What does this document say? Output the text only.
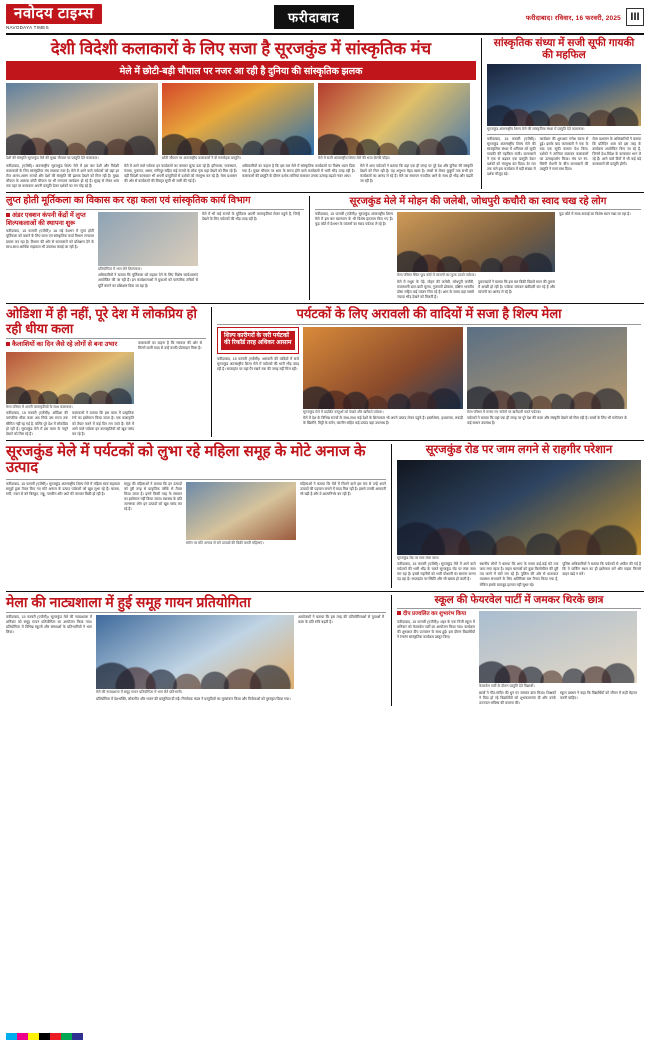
नवोदय टाइम्स
NAVODAYA TIMES
फरीदाबाद	फरीदाबाद। रविवार, 16 फरवरी, 2025 III
देशी विदेशी कलाकारों के लिए सजा है सूरजकुंड में सांस्कृतिक मंच
मेले में छोटी-बड़ी चौपाल पर नजर आ रही है दुनिया की सांस्कृतिक झलक
देशी की संस्कृति सूरजकुंड मेले की मुख्य चौपाल पर प्रस्तुति देते कलाकार।	छोटी चौपाल पर अंतरराष्ट्रीय कलाकारों ने दी मनमोहक प्रस्तुति।	मेले में सजी अंतरराष्ट्रीय शिल्प मेले की भव्य सेल्फी पॉइंट।
फरीदाबाद, (एजेंसी)। अंतरराष्ट्रीय सूरजकुंड शिल्प मेले में इस बार देशी और विदेशी कलाकारों के लिए सांस्कृतिक मंच सजाया गया है। मेले में आने वाले पर्यटकों को यहां हर रोज अलग-अलग राज्यों और देशों की संस्कृति की झलक देखने को मिल रही है। मुख्य चौपाल के अलावा छोटी चौपाल पर भी लगातार कार्यक्रम हो रहे हैं। सुबह से लेकर शाम तक यहां पर कलाकार अपनी प्रस्तुति देकर दर्शकों का मन मोह रहे हैं।
मेले में आने वाले पर्यटक इन कार्यक्रमों का जमकर लुत्फ उठा रहे हैं। हरियाणा, राजस्थान, पंजाब, गुजरात, असम, मणिपुर सहित कई राज्यों के लोक नृत्य यहां देखने को मिल रहे हैं। वहीं विदेशी कलाकार भी अपनी प्रस्तुतियों से दर्शकों को मंत्रमुग्ध कर रहे हैं। मेला प्रशासन की ओर से कार्यक्रमों की विस्तृत सूची भी जारी की गई है।
अधिकारियों का कहना है कि इस बार मेले में सांस्कृतिक कार्यक्रमों पर विशेष ध्यान दिया गया है। मुख्य चौपाल पर शाम के समय होने वाले कार्यक्रमों में भारी भीड़ उमड़ रही है। कलाकारों की प्रस्तुति के दौरान दर्शक तालियां बजाकर उनका उत्साह बढ़ाते नजर आए।
मेले में आए पर्यटकों ने बताया कि यहां एक ही जगह पर पूरे देश और दुनिया की संस्कृति देखने को मिल रही है। यह अनुभव बेहद खास है। बच्चों से लेकर बुजुर्गों तक सभी इन कार्यक्रमों का आनंद ले रहे हैं। मेले का समापन नजदीक आने के साथ ही भीड़ और बढ़ती जा रही है।
सांस्कृतिक संध्या में सजी सूफी गायकी की महफिल
सूरजकुंड अंतरराष्ट्रीय शिल्प मेले की सांस्कृतिक संध्या में प्रस्तुति देते कलाकार।
फरीदाबाद, 15 फरवरी (एजेंसी)। सूरजकुंड अंतरराष्ट्रीय शिल्प मेले की सांस्कृतिक संध्या में शनिवार को सूफी गायकी की महफिल सजी। कलाकारों ने एक से बढ़कर एक प्रस्तुति देकर दर्शकों को मंत्रमुग्ध कर दिया। देर रात तक चले इस कार्यक्रम में बड़ी संख्या में दर्शक मौजूद रहे।
कार्यक्रम की शुरुआत गणेश वंदना से हुई। इसके बाद कलाकारों ने एक के बाद एक सूफी कलाम पेश किए। दर्शकों ने तालियां बजाकर कलाकारों का उत्साहवर्धन किया। मंच पर रंग-बिरंगी रोशनी के बीच कलाकारों की प्रस्तुति ने समां बांध दिया।
मेला प्रशासन के अधिकारियों ने बताया कि प्रतिदिन शाम को इस तरह के कार्यक्रम आयोजित किए जा रहे हैं, जिनमें देश-विदेश के कलाकार भाग ले रहे हैं। आने वाले दिनों में भी कई बड़े कलाकारों की प्रस्तुति होगी।
लुप्त होती मूर्तिकला का विकास कर रहा कला एवं सांस्कृतिक कार्य विभाग
अंडर एक्शन कंपनी केंद्रों में लुप्त शिल्पकलाओं की स्थापना शुरू
फरीदाबाद, 15 फरवरी (एजेंसी)। 16 मई देशभर में लुप्त होती मूर्तिकला को बचाने के लिए कला एवं सांस्कृतिक कार्य विभाग लगातार प्रयास कर रहा है। विभाग की ओर से कलाकारों को प्रशिक्षण देने के साथ-साथ आर्थिक सहायता भी उपलब्ध कराई जा रही है।
प्रतियोगिता में भाग लेते शिल्पकार।
अधिकारियों ने बताया कि मूर्तिकला को बढ़ावा देने के लिए विशेष कार्यशालाएं आयोजित की जा रही हैं। इन कार्यशालाओं में युवाओं को पारंपरिक तरीकों से मूर्ति बनाने का प्रशिक्षण दिया जा रहा है।
मेले में भी कई राज्यों के मूर्तिकार अपनी कलाकृतियां लेकर पहुंचे हैं, जिन्हें देखने के लिए पर्यटकों की भीड़ उमड़ रही है।
सूरजकुंड मेले में मोहन की जलेबी, जोधपुरी कचौरी का स्वाद चख रहे लोग
फरीदाबाद, 15 फरवरी (एजेंसी)। सूरजकुंड अंतरराष्ट्रीय शिल्प मेले में इस बार खानपान के भी विशेष इंतजाम किए गए हैं। फूड कोर्ट में देशभर के व्यंजनों का स्वाद पर्यटक ले रहे हैं।
मेला परिसर स्थित फूड कोर्ट में व्यंजनों का लुत्फ उठाते पर्यटक।
मेले में मथुरा के पेड़े, मोहन की जलेबी, जोधपुरी कचौरी, राजस्थानी दाल-बाटी चूरमा, गुजराती ढोकला, दक्षिण भारतीय डोसा सहित कई व्यंजन मिल रहे हैं। शाम के समय यहां सबसे ज्यादा भीड़ देखने को मिलती है।
दुकानदारों ने बताया कि इस बार बिक्री पिछले साल की तुलना में अच्छी हो रही है। पर्यटक जमकर खरीदारी कर रहे हैं और व्यंजनों का आनंद ले रहे हैं।
फूड कोर्ट में साफ-सफाई का विशेष ध्यान रखा जा रहा है।
ओडिशा में ही नहीं, पूरे देश में लोकप्रिय हो रही धीया कला
कैलाशियों का दिन जैसे रहे लोगों से बना उभार
मेला परिसर में अपनी कलाकृतियों के साथ कलाकार।
फरीदाबाद, 15 फरवरी (एजेंसी)। ओडिशा की पारंपरिक धीया कला अब सिर्फ उस राज्य तक सीमित नहीं रह गई है, बल्कि पूरे देश में लोकप्रिय हो रही है। सूरजकुंड मेले में इस कला के नमूने देखने को मिल रहे हैं।
कलाकारों ने बताया कि इस कला में प्राकृतिक रंगों का इस्तेमाल किया जाता है। एक कलाकृति को तैयार करने में कई दिन लग जाते हैं। मेले में आने वाले पर्यटक इन कलाकृतियों को खूब पसंद कर रहे हैं।
कलाकारों का कहना है कि सरकार की ओर से मिलने वाली मदद से उन्हें काफी प्रोत्साहन मिला है।
पर्यटकों के लिए अरावली की वादियों में सजा है शिल्प मेला
शिल्प कारीगरों के जरी पर्यटकों की रिकॉर्ड तरह अधिकर आसाम
फरीदाबाद, 15 फरवरी (एजेंसी)। अरावली की वादियों में सजे सूरजकुंड अंतरराष्ट्रीय शिल्प मेले में पर्यटकों की भारी भीड़ उमड़ रही है। सप्ताहांत पर यहां पैर रखने तक की जगह नहीं मिल रही।
सूरजकुंड मेले में प्रदर्शित वस्तुओं को देखते और खरीदते पर्यटक।
मेले में देश के विभिन्न राज्यों के साथ-साथ कई देशों के शिल्पकार भी अपने उत्पाद लेकर पहुंचे हैं। हस्तशिल्प, हथकरघा, लकड़ी के खिलौने, मिट्टी के बर्तन, कालीन सहित कई उत्पाद यहां उपलब्ध हैं।
मेला परिसर में लगाए गए स्टॉलों पर खरीदारी करते पर्यटक।
पर्यटकों ने बताया कि यहां एक ही जगह पर पूरे देश की कला और संस्कृति देखने को मिल रही है। बच्चों के लिए भी मनोरंजन के कई साधन उपलब्ध हैं।
सूरजकुंड मेले में पर्यटकों को लुभा रहे महिला समूह के मोटे अनाज के उत्पाद
फरीदाबाद, 15 फरवरी (एजेंसी)। सूरजकुंड अंतरराष्ट्रीय शिल्प मेले में महिला स्वयं सहायता समूहों द्वारा तैयार किए गए मोटे अनाज के उत्पाद पर्यटकों को खूब लुभा रहे हैं। बाजरा, रागी, ज्वार से बने बिस्कुट, लड्डू, नमकीन और आटे की जमकर बिक्री हो रही है।
समूह की महिलाओं ने बताया कि इन उत्पादों को पूरी तरह से प्राकृतिक तरीके से तैयार किया जाता है। इनमें किसी तरह के रसायन का इस्तेमाल नहीं किया जाता। स्वास्थ्य के प्रति जागरूक लोग इन उत्पादों को खूब पसंद कर रहे हैं।
स्टॉल पर मोटे अनाज से बने उत्पादों की बिक्री करती महिलाएं।
महिलाओं ने बताया कि मेले में मिलने वाले इस मंच से उन्हें अपने उत्पादों की पहचान बनाने में मदद मिल रही है। इससे उनकी आमदनी भी बढ़ी है और वे आत्मनिर्भर बन रही हैं।
सूरजकुंड रोड पर जाम लगने से राहगीर परेशान
सूरजकुंड रोड पर लगा लंबा जाम।
फरीदाबाद, 15 फरवरी (एजेंसी)। सूरजकुंड मेले में आने वाले पर्यटकों की भारी भीड़ के चलते सूरजकुंड रोड पर लंबा जाम लग रहा है। इससे राहगीरों को भारी परेशानी का सामना करना पड़ रहा है। सप्ताहांत पर स्थिति और भी खराब हो जाती है।
स्थानीय लोगों ने बताया कि शाम के समय कई-कई घंटे तक जाम लगा रहता है। वाहन चालकों को कुछ किलोमीटर की दूरी तय करने में घंटों लग रहे हैं। पुलिस की ओर से यातायात व्यवस्था संभालने के लिए अतिरिक्त बल तैनात किया गया है, लेकिन इसके बावजूद हालात नहीं सुधर रहे।
पुलिस अधिकारियों ने बताया कि पर्यटकों से अपील की गई है कि वे पार्किंग स्थल का ही इस्तेमाल करें और सड़क किनारे वाहन खड़े न करें।
मेला की नाट्यशाला में हुई समूह गायन प्रतियोगिता
फरीदाबाद, 15 फरवरी (एजेंसी)। सूरजकुंड मेले की नाट्यशाला में शनिवार को समूह गायन प्रतियोगिता का आयोजन किया गया। प्रतियोगिता में विभिन्न स्कूलों और संस्थाओं के प्रतिभागियों ने भाग लिया।
मेले की नाट्यशाला में समूह गायन प्रतियोगिता में भाग लेते प्रतिभागी।
प्रतियोगिता में देशभक्ति, लोकगीत और भजन की प्रस्तुतियां दी गईं। निर्णायक मंडल ने प्रस्तुतियों का मूल्यांकन किया और विजेताओं को पुरस्कृत किया गया।
आयोजकों ने बताया कि इस तरह की प्रतियोगिताओं से युवाओं में कला के प्रति रुचि बढ़ती है।
स्कूल की फेयरवेल पार्टी में जमकर थिरके छात्र
दीप प्रज्वलित कर शुभारंभ किया
फरीदाबाद, 15 फरवरी (एजेंसी)। शहर के एक निजी स्कूल में शनिवार को फेयरवेल पार्टी का आयोजन किया गया। कार्यक्रम की शुरुआत दीप प्रज्वलन के साथ हुई। इस दौरान विद्यार्थियों ने रंगारंग सांस्कृतिक कार्यक्रम प्रस्तुत किए।
फेयरवेल पार्टी के दौरान प्रस्तुति देते विद्यार्थी।
छात्रों ने गीत-संगीत की धुन पर जमकर डांस किया। शिक्षकों ने विदा हो रहे विद्यार्थियों को शुभकामनाएं दीं और उनके उज्ज्वल भविष्य की कामना की।
स्कूल प्रबंधन ने कहा कि विद्यार्थियों को जीवन में कड़ी मेहनत करनी चाहिए।
